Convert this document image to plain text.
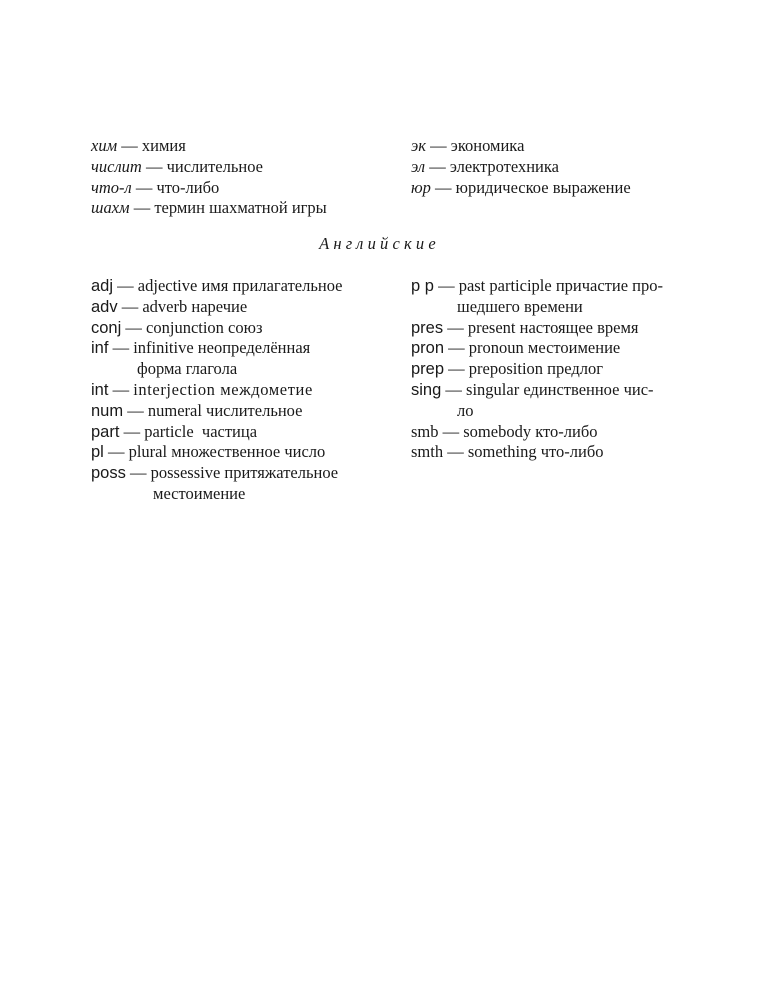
хим — химия
числит — числительное
что-л — что-либо
шахм — термин шахматной игры
эк — экономика
эл — электротехника
юр — юридическое выражение
Английские
adj — adjective имя прилагательное
adv — adverb наречие
conj — conjunction союз
inf — infinitive неопределённая
форма глагола
int — interjection междометие
num — numeral числительное
part — particle  частица
pl — plural множественное число
poss — possessive притяжательное
местоимение
p p — past participle причастие про-
шедшего времени
pres — present настоящее время
pron — pronoun местоимение
prep — preposition предлог
sing — singular единственное чис-
ло
smb — somebody кто-либо
smth — something что-либо
